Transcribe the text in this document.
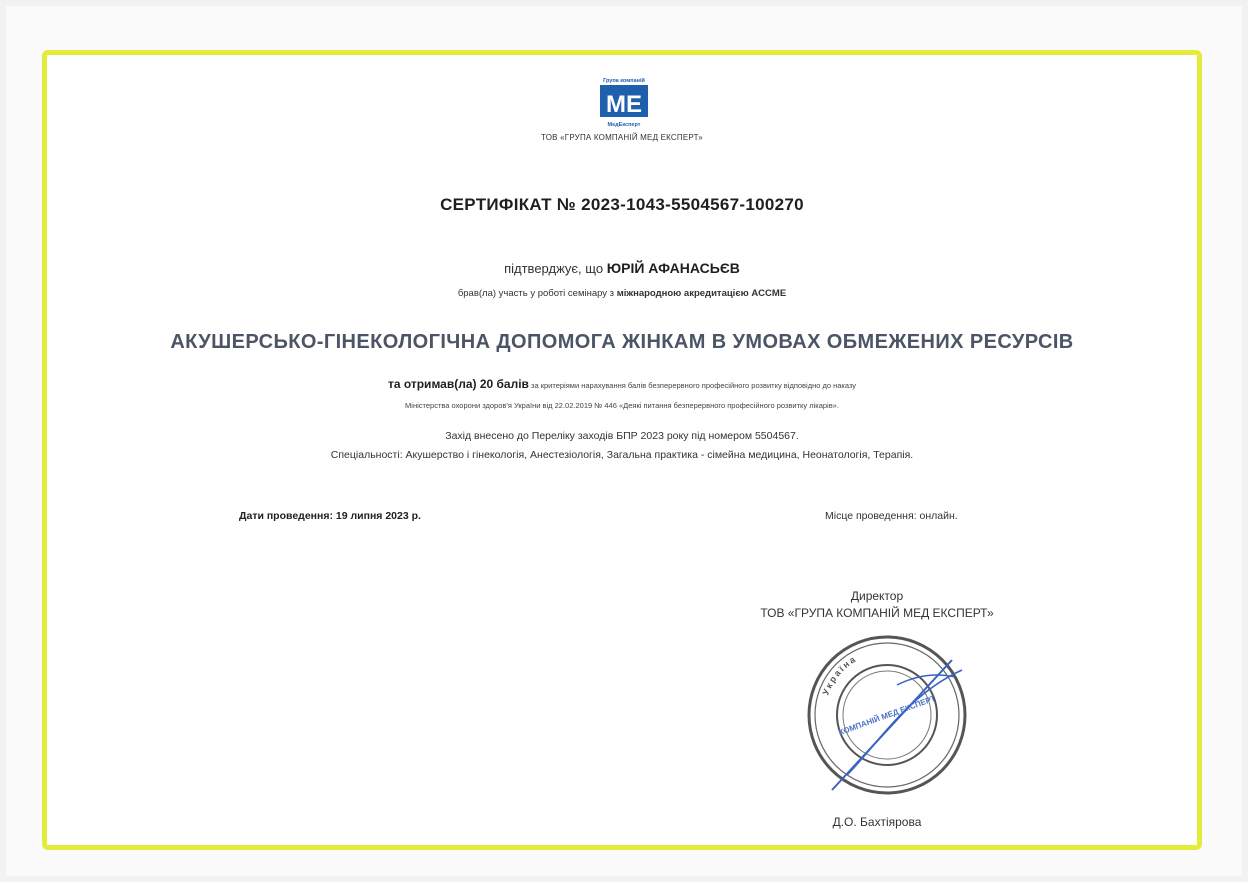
Група компаній
МЕ
МедЕксперт
ТОВ «ГРУПА КОМПАНІЙ МЕД ЕКСПЕРТ»
СЕРТИФІКАТ № 2023-1043-5504567-100270
підтверджує, що ЮРІЙ АФАНАСЬЄВ
брав(ла) участь у роботі семінару з міжнародною акредитацією ACCME
АКУШЕРСЬКО-ГІНЕКОЛОГІЧНА ДОПОМОГА ЖІНКАМ В УМОВАХ ОБМЕЖЕНИХ РЕСУРСІВ
та отримав(ла) 20 балів за критеріями нарахування балів безперервного професійного розвитку відповідно до наказу
Міністерства охорони здоров'я України від 22.02.2019 № 446 «Деякі питання безперервного професійного розвитку лікарів».
Захід внесено до Переліку заходів БПР 2023 року під номером 5504567.
Спеціальності: Акушерство і гінекологія, Анестезіологія, Загальна практика - сімейна медицина, Неонатологія, Терапія.
Дати проведення: 19 липня 2023 р.	Місце проведення: онлайн.
Директор
ТОВ «ГРУПА КОМПАНІЙ МЕД ЕКСПЕРТ»
Україна
КОМПАНІЙ МЕД ЕКСПЕРТ
Д.О. Бахтіярова
